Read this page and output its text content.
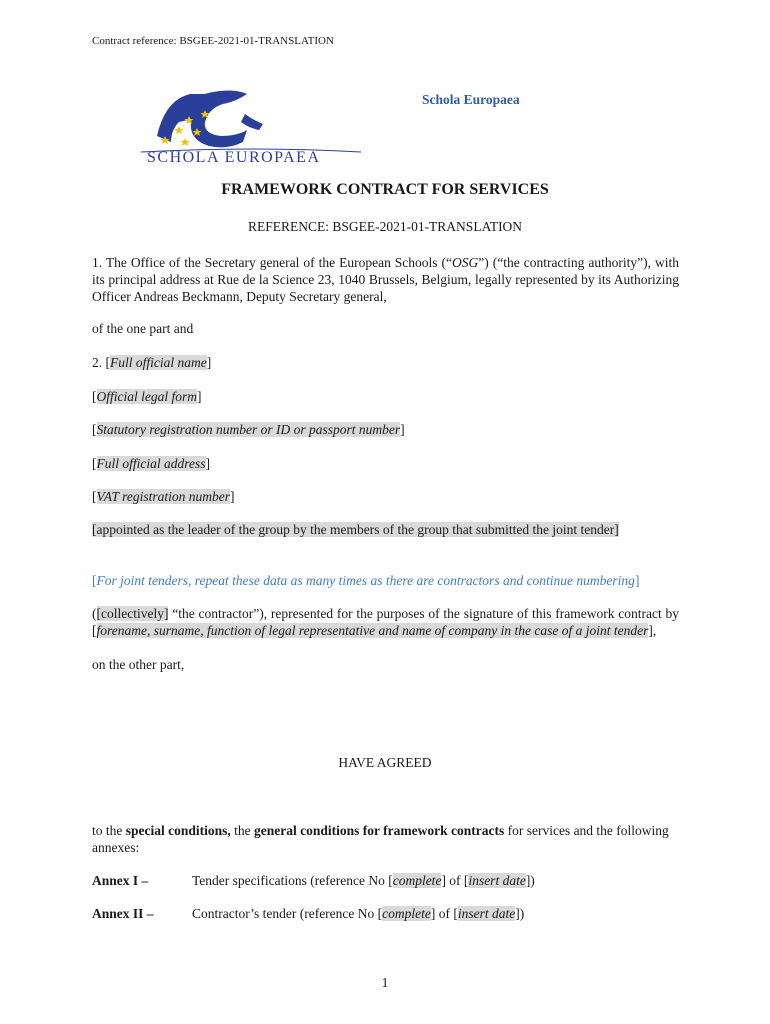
Contract reference: BSGEE-2021-01-TRANSLATION
SCHOLA EUROPAEA
Schola Europaea
FRAMEWORK CONTRACT FOR SERVICES
REFERENCE: BSGEE-2021-01-TRANSLATION
1. The Office of the Secretary general of the European Schools (“OSG”) (“the contracting authority”), with its principal address at Rue de la Science 23, 1040 Brussels, Belgium, legally represented by its Authorizing Officer Andreas Beckmann, Deputy Secretary general,
of the one part and
2. [Full official name]
[Official legal form]
[Statutory registration number or ID or passport number]
[Full official address]
[VAT registration number]
[appointed as the leader of the group by the members of the group that submitted the joint tender]
[For joint tenders, repeat these data as many times as there are contractors and continue numbering]
([collectively] “the contractor”), represented for the purposes of the signature of this framework contract by [forename, surname, function of legal representative and name of company in the case of a joint tender],
on the other part,
HAVE AGREED
to the special conditions, the general conditions for framework contracts for services and the following annexes:
Annex I –	Tender specifications (reference No [complete] of [insert date])
Annex II –	Contractor’s tender (reference No [complete] of [insert date])
1
